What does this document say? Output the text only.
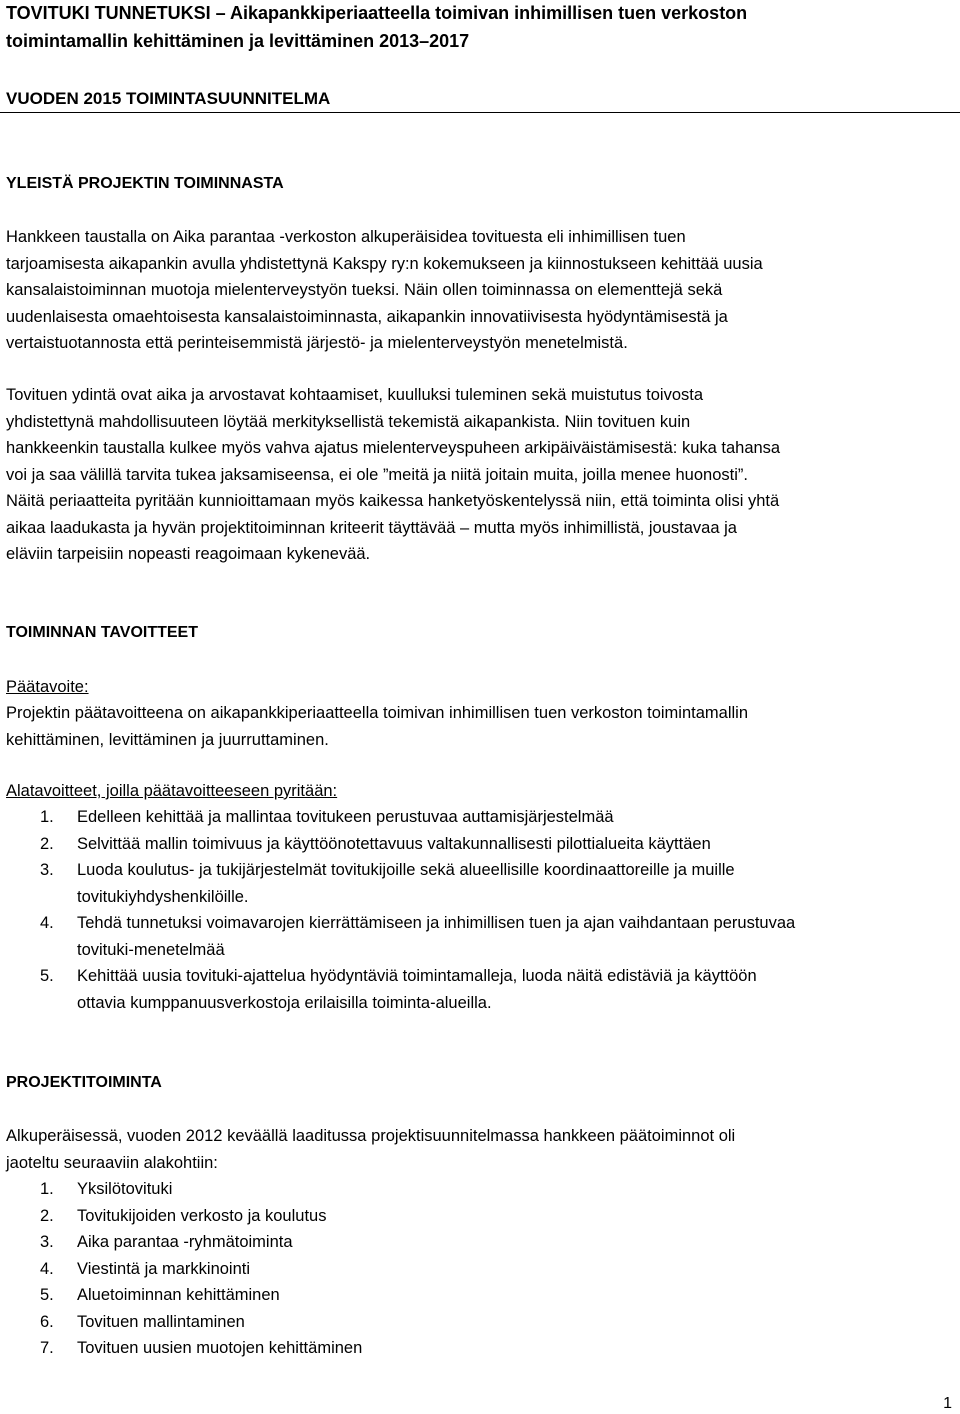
TOVITUKI TUNNETUKSI – Aikapankkiperiaatteella toimivan inhimillisen tuen verkoston
toimintamallin kehittäminen ja levittäminen 2013–2017
VUODEN 2015 TOIMINTASUUNNITELMA
YLEISTÄ PROJEKTIN TOIMINNASTA
Hankkeen taustalla on Aika parantaa -verkoston alkuperäisidea tovituesta eli inhimillisen tuen
tarjoamisesta aikapankin avulla yhdistettynä Kakspy ry:n kokemukseen ja kiinnostukseen kehittää uusia
kansalaistoiminnan muotoja mielenterveystyön tueksi. Näin ollen toiminnassa on elementtejä sekä
uudenlaisesta omaehtoisesta kansalaistoiminnasta, aikapankin innovatiivisesta hyödyntämisestä ja
vertaistuotannosta että perinteisemmistä järjestö- ja mielenterveystyön menetelmistä.
Tovituen ydintä ovat aika ja arvostavat kohtaamiset, kuulluksi tuleminen sekä muistutus toivosta
yhdistettynä mahdollisuuteen löytää merkityksellistä tekemistä aikapankista. Niin tovituen kuin
hankkeenkin taustalla kulkee myös vahva ajatus mielenterveyspuheen arkipäiväistämisestä: kuka tahansa
voi ja saa välillä tarvita tukea jaksamiseensa, ei ole ”meitä ja niitä joitain muita, joilla menee huonosti”.
Näitä periaatteita pyritään kunnioittamaan myös kaikessa hanketyöskentelyssä niin, että toiminta olisi yhtä
aikaa laadukasta ja hyvän projektitoiminnan kriteerit täyttävää – mutta myös inhimillistä, joustavaa ja
eläviin tarpeisiin nopeasti reagoimaan kykenevää.
TOIMINNAN TAVOITTEET
Päätavoite:
Projektin päätavoitteena on aikapankkiperiaatteella toimivan inhimillisen tuen verkoston toimintamallin
kehittäminen, levittäminen ja juurruttaminen.
Alatavoitteet, joilla päätavoitteeseen pyritään:
1. Edelleen kehittää ja mallintaa tovitukeen perustuvaa auttamisjärjestelmää
2. Selvittää mallin toimivuus ja käyttöönotettavuus valtakunnallisesti pilottialueita käyttäen
3. Luoda koulutus- ja tukijärjestelmät tovitukijoille sekä alueellisille koordinaattoreille ja muille
tovitukiyhdyshenkilöille.
4. Tehdä tunnetuksi voimavarojen kierrättämiseen ja inhimillisen tuen ja ajan vaihdantaan perustuvaa
tovituki-menetelmää
5. Kehittää uusia tovituki-ajattelua hyödyntäviä toimintamalleja, luoda näitä edistäviä ja käyttöön
ottavia kumppanuusverkostoja erilaisilla toiminta-alueilla.
PROJEKTITOIMINTA
Alkuperäisessä, vuoden 2012 keväällä laaditussa projektisuunnitelmassa hankkeen päätoiminnot oli
jaoteltu seuraaviin alakohtiin:
1. Yksilötovituki
2. Tovitukijoiden verkosto ja koulutus
3. Aika parantaa -ryhmätoiminta
4. Viestintä ja markkinointi
5. Aluetoiminnan kehittäminen
6. Tovituen mallintaminen
7. Tovituen uusien muotojen kehittäminen
1
